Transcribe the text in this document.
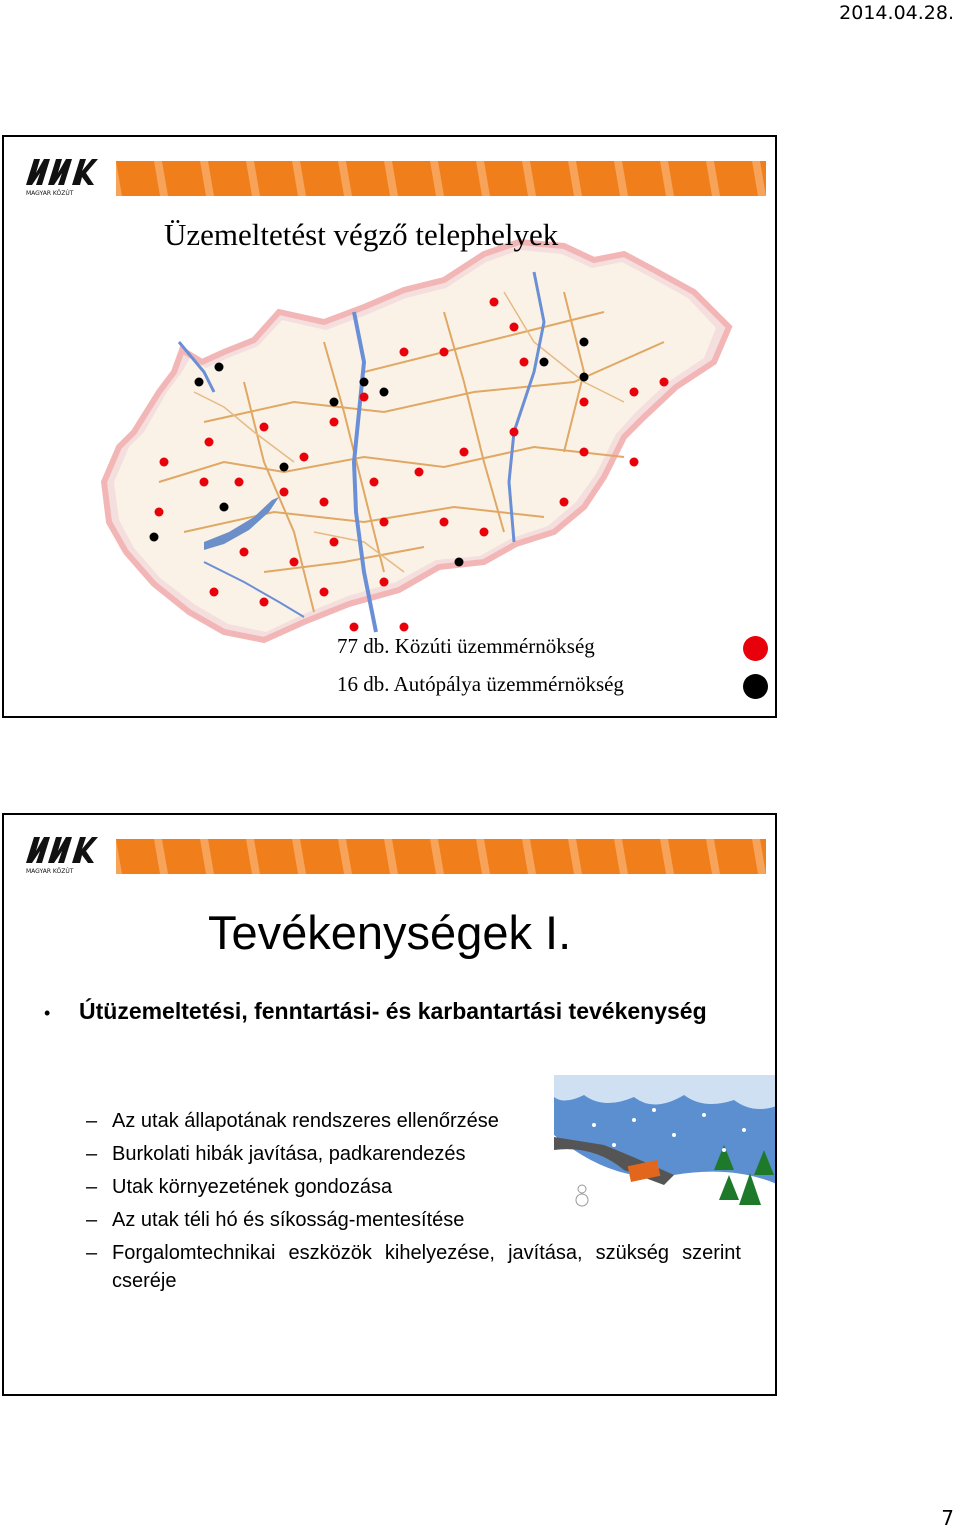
2014.04.28.
MAGYAR KÖZÚT
77 db. Közúti üzemmérnökség
16 db. Autópálya üzemmérnökség
Üzemeltetést végző telephelyek
MAGYAR KÖZÚT
Tevékenységek I.
• Útüzemeltetési, fenntartási- és karbantartási tevékenység
– Az utak állapotának rendszeres ellenőrzése
– Burkolati hibák javítása, padkarendezés
– Utak környezetének gondozása
– Az utak téli hó és síkosság-mentesítése
– Forgalomtechnikai eszközök kihelyezése, javítása, szükség szerint cseréje
7
